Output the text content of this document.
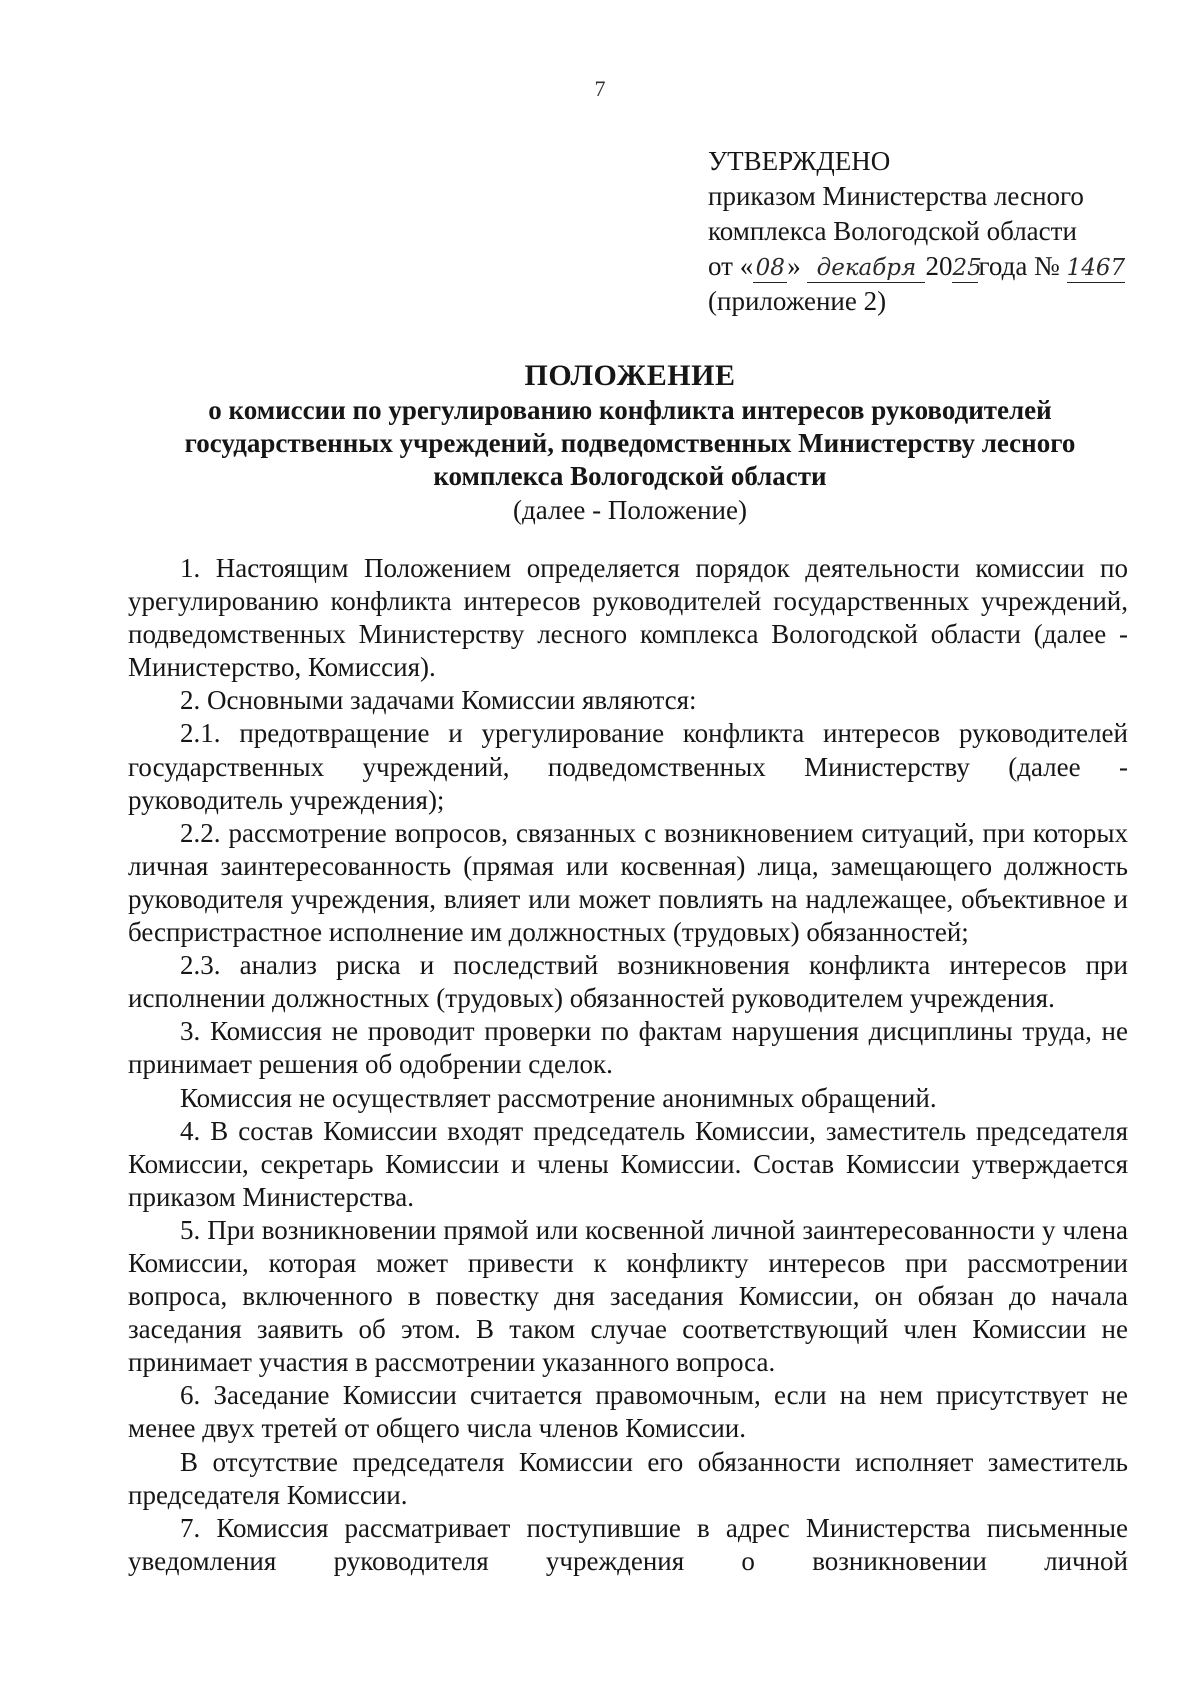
7
УТВЕРЖДЕНО
приказом Министерства лесного
комплекса Вологодской области
от « 08» декабря 2025года № 1467
(приложение 2)
ПОЛОЖЕНИЕ
о комиссии по урегулированию конфликта интересов руководителей государственных учреждений, подведомственных Министерству лесного комплекса Вологодской области
(далее - Положение)

1. Настоящим Положением определяется порядок деятельности комиссии по урегулированию конфликта интересов руководителей государственных учреждений, подведомственных Министерству лесного комплекса Вологодской области (далее - Министерство, Комиссия).

2. Основными задачами Комиссии являются:

2.1. предотвращение и урегулирование конфликта интересов руководителей государственных учреждений, подведомственных Министерству (далее - руководитель учреждения);

2.2. рассмотрение вопросов, связанных с возникновением ситуаций, при которых личная заинтересованность (прямая или косвенная) лица, замещающего должность руководителя учреждения, влияет или может повлиять на надлежащее, объективное и беспристрастное исполнение им должностных (трудовых) обязанностей;

2.3. анализ риска и последствий возникновения конфликта интересов при исполнении должностных (трудовых) обязанностей руководителем учреждения.

3. Комиссия не проводит проверки по фактам нарушения дисциплины труда, не принимает решения об одобрении сделок.

Комиссия не осуществляет рассмотрение анонимных обращений.

4. В состав Комиссии входят председатель Комиссии, заместитель председателя Комиссии, секретарь Комиссии и члены Комиссии. Состав Комиссии утверждается приказом Министерства.

5. При возникновении прямой или косвенной личной заинтересованности у члена Комиссии, которая может привести к конфликту интересов при рассмотрении вопроса, включенного в повестку дня заседания Комиссии, он обязан до начала заседания заявить об этом. В таком случае соответствующий член Комиссии не принимает участия в рассмотрении указанного вопроса.

6. Заседание Комиссии считается правомочным, если на нем присутствует не менее двух третей от общего числа членов Комиссии.

В отсутствие председателя Комиссии его обязанности исполняет заместитель председателя Комиссии.

7. Комиссия рассматривает поступившие в адрес Министерства письменные уведомления руководителя учреждения о возникновении личной
